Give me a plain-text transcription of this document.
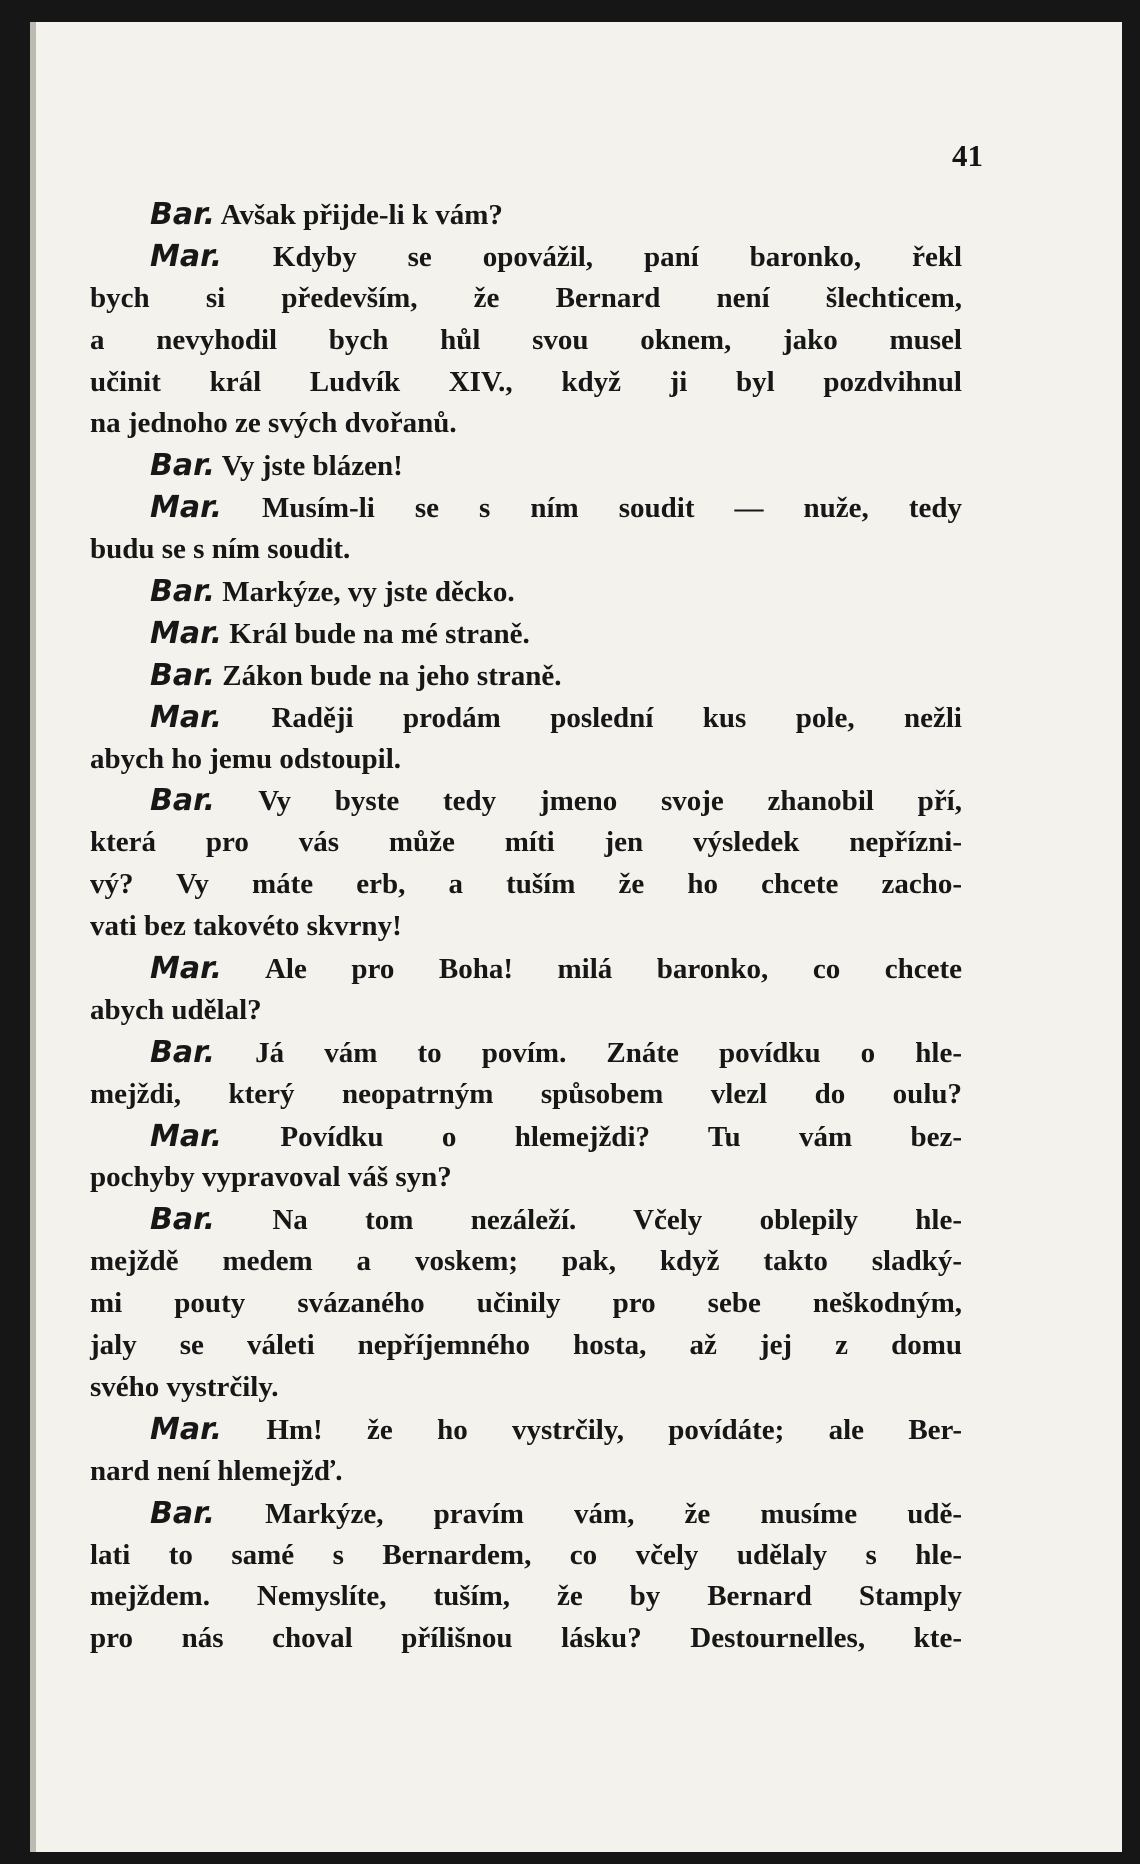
41
Bar. Avšak přijde-li k vám?
Mar. Kdyby se opovážil, paní baronko, řekl
bych si především, že Bernard není šlechticem,
a nevyhodil bych hůl svou oknem, jako musel
učinit král Ludvík XIV., když ji byl pozdvihnul
na jednoho ze svých dvořanů.
Bar. Vy jste blázen!
Mar. Musím-li se s ním soudit — nuže, tedy
budu se s ním soudit.
Bar. Markýze, vy jste děcko.
Mar. Král bude na mé straně.
Bar. Zákon bude na jeho straně.
Mar. Raději prodám poslední kus pole, nežli
abych ho jemu odstoupil.
Bar. Vy byste tedy jmeno svoje zhanobil pří,
která pro vás může míti jen výsledek nepřízni-
vý? Vy máte erb, a tuším že ho chcete zacho-
vati bez takovéto skvrny!
Mar. Ale pro Boha! milá baronko, co chcete
abych udělal?
Bar. Já vám to povím. Znáte povídku o hle-
mejždi, který neopatrným spůsobem vlezl do oulu?
Mar. Povídku o hlemejždi? Tu vám bez-
pochyby vypravoval váš syn?
Bar. Na tom nezáleží. Včely oblepily hle-
mejždě medem a voskem; pak, když takto sladký-
mi pouty svázaného učinily pro sebe neškodným,
jaly se váleti nepříjemného hosta, až jej z domu
svého vystrčily.
Mar. Hm! že ho vystrčily, povídáte; ale Ber-
nard není hlemejžď.
Bar. Markýze, pravím vám, že musíme udě-
lati to samé s Bernardem, co včely udělaly s hle-
mejždem. Nemyslíte, tuším, že by Bernard Stamply
pro nás choval přílišnou lásku? Destournelles, kte-
